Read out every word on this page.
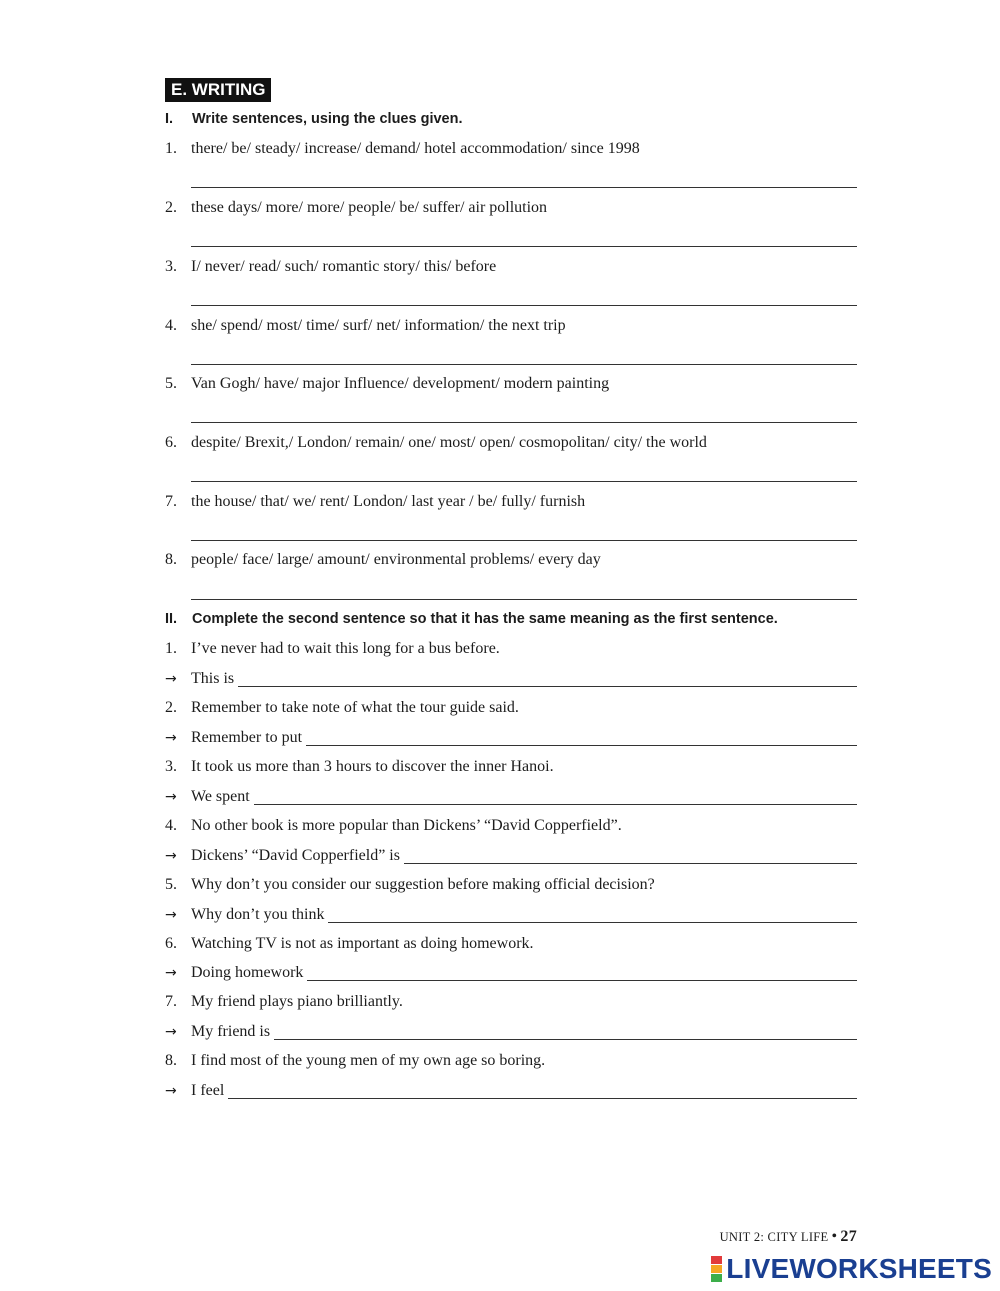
E. WRITING
I. Write sentences, using the clues given.
1. there/ be/ steady/ increase/ demand/ hotel accommodation/ since 1998
2. these days/ more/ more/ people/ be/ suffer/ air pollution
3. I/ never/ read/ such/ romantic story/ this/ before
4. she/ spend/ most/ time/ surf/ net/ information/ the next trip
5. Van Gogh/ have/ major Influence/ development/ modern painting
6. despite/ Brexit,/ London/ remain/ one/ most/ open/ cosmopolitan/ city/ the world
7. the house/ that/ we/ rent/ London/ last year / be/ fully/ furnish
8. people/ face/ large/ amount/ environmental problems/ every day
II. Complete the second sentence so that it has the same meaning as the first sentence.
1. I’ve never had to wait this long for a bus before.
→ This is
2. Remember to take note of what the tour guide said.
→ Remember to put
3. It took us more than 3 hours to discover the inner Hanoi.
→ We spent
4. No other book is more popular than Dickens’ “David Copperfield”.
→ Dickens’ “David Copperfield” is
5. Why don’t you consider our suggestion before making official decision?
→ Why don’t you think
6. Watching TV is not as important as doing homework.
→ Doing homework
7. My friend plays piano brilliantly.
→ My friend is
8. I find most of the young men of my own age so boring.
→ I feel
UNIT 2: CITY LIFE • 27
LIVEWORKSHEETS
